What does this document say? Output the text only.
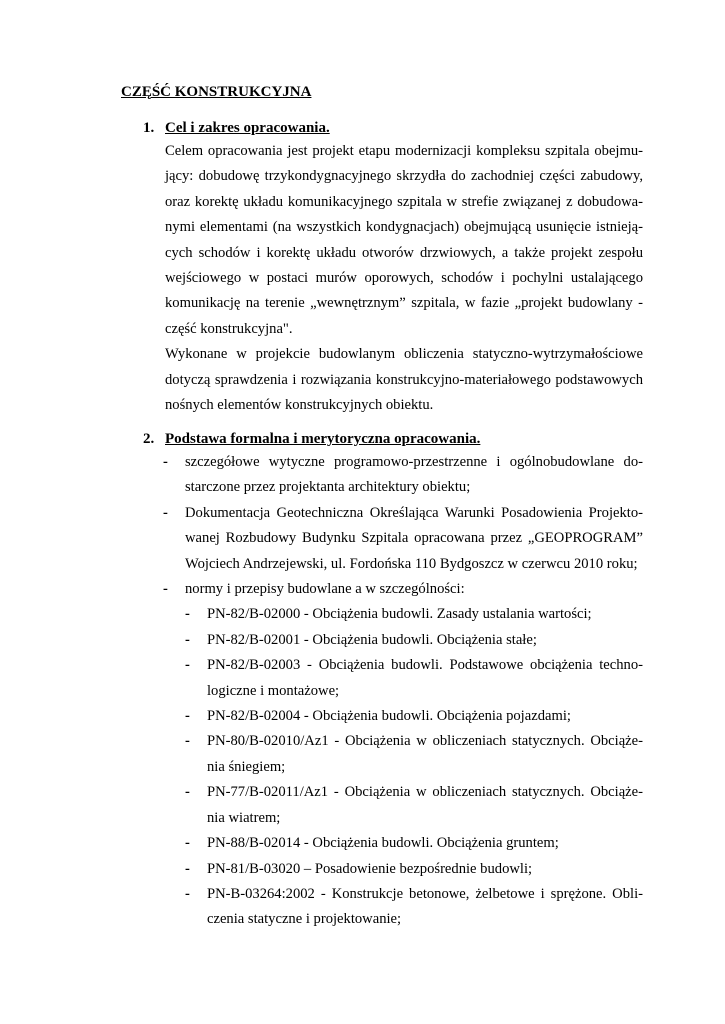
CZĘŚĆ KONSTRUKCYJNA
1. Cel i zakres opracowania.

Celem opracowania jest projekt etapu modernizacji kompleksu szpitala obejmu-jący: dobudowę trzykondygnacyjnego skrzydła do zachodniej części zabudowy, oraz korektę układu komunikacyjnego szpitala w strefie związanej z dobudowa-nymi elementami (na wszystkich kondygnacjach) obejmującą usunięcie istnieją-cych schodów i korektę układu otworów drzwiowych, a także projekt zespołu wejściowego w postaci murów oporowych, schodów i pochylni ustalającego komunikację na terenie „wewnętrznym” szpitala, w fazie „projekt budowlany - część konstrukcyjna".

Wykonane w projekcie budowlanym obliczenia statyczno-wytrzymałościowe dotyczą sprawdzenia i rozwiązania konstrukcyjno-materiałowego podstawowych nośnych elementów konstrukcyjnych obiektu.

2. Podstawa formalna i merytoryczna opracowania.
- szczegółowe wytyczne programowo-przestrzenne i ogólnobudowlane do-starczone przez projektanta architektury obiektu;
- Dokumentacja Geotechniczna Określająca Warunki Posadowienia Projekto-wanej Rozbudowy Budynku Szpitala opracowana przez „GEOPROGRAM” Wojciech Andrzejewski, ul. Fordońska 110 Bydgoszcz w czerwcu 2010 roku;
- normy i przepisy budowlane a w szczególności:
- PN-82/B-02000 - Obciążenia budowli. Zasady ustalania wartości;
- PN-82/B-02001 - Obciążenia budowli. Obciążenia stałe;
- PN-82/B-02003 - Obciążenia budowli. Podstawowe obciążenia techno-logiczne i montażowe;
- PN-82/B-02004 - Obciążenia budowli. Obciążenia pojazdami;
- PN-80/B-02010/Az1 - Obciążenia w obliczeniach statycznych. Obciąże-nia śniegiem;
- PN-77/B-02011/Az1 - Obciążenia w obliczeniach statycznych. Obciąże-nia wiatrem;
- PN-88/B-02014 - Obciążenia budowli. Obciążenia gruntem;
- PN-81/B-03020 – Posadowienie bezpośrednie budowli;
- PN-B-03264:2002 - Konstrukcje betonowe, żelbetowe i sprężone. Obli-czenia statyczne i projektowanie;
